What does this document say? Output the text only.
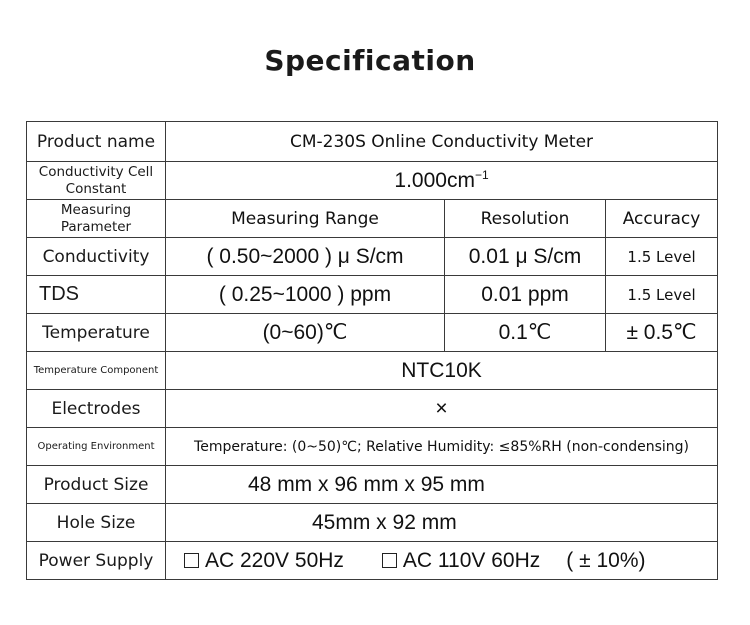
Specification
Product name	CM-230S Online Conductivity Meter		
Conductivity Cell Constant	$1.000cm^{-1}$
Measuring Parameter	Measuring Range	Resolution	Accuracy
Conductivity	( 0.50~2000 ) μ S/cm	0.01 μ S/cm	1.5 Level
TDS	( 0.25~1000 ) ppm	0.01 ppm	1.5 Level
Temperature	(0~60)℃	0.1℃	± 0.5℃
Temperature Component	NTC10K		
Electrodes	×		
Operating Environment	Temperature: (0~50)℃; Relative Humidity: ≤85%RH (non-condensing)		
Product Size	48 mm x 96 mm x 95 mm		
Hole Size	45mm x 92 mm		
Power Supply	AC 220V 50Hz AC 110V 60Hz ( ± 10%)		
